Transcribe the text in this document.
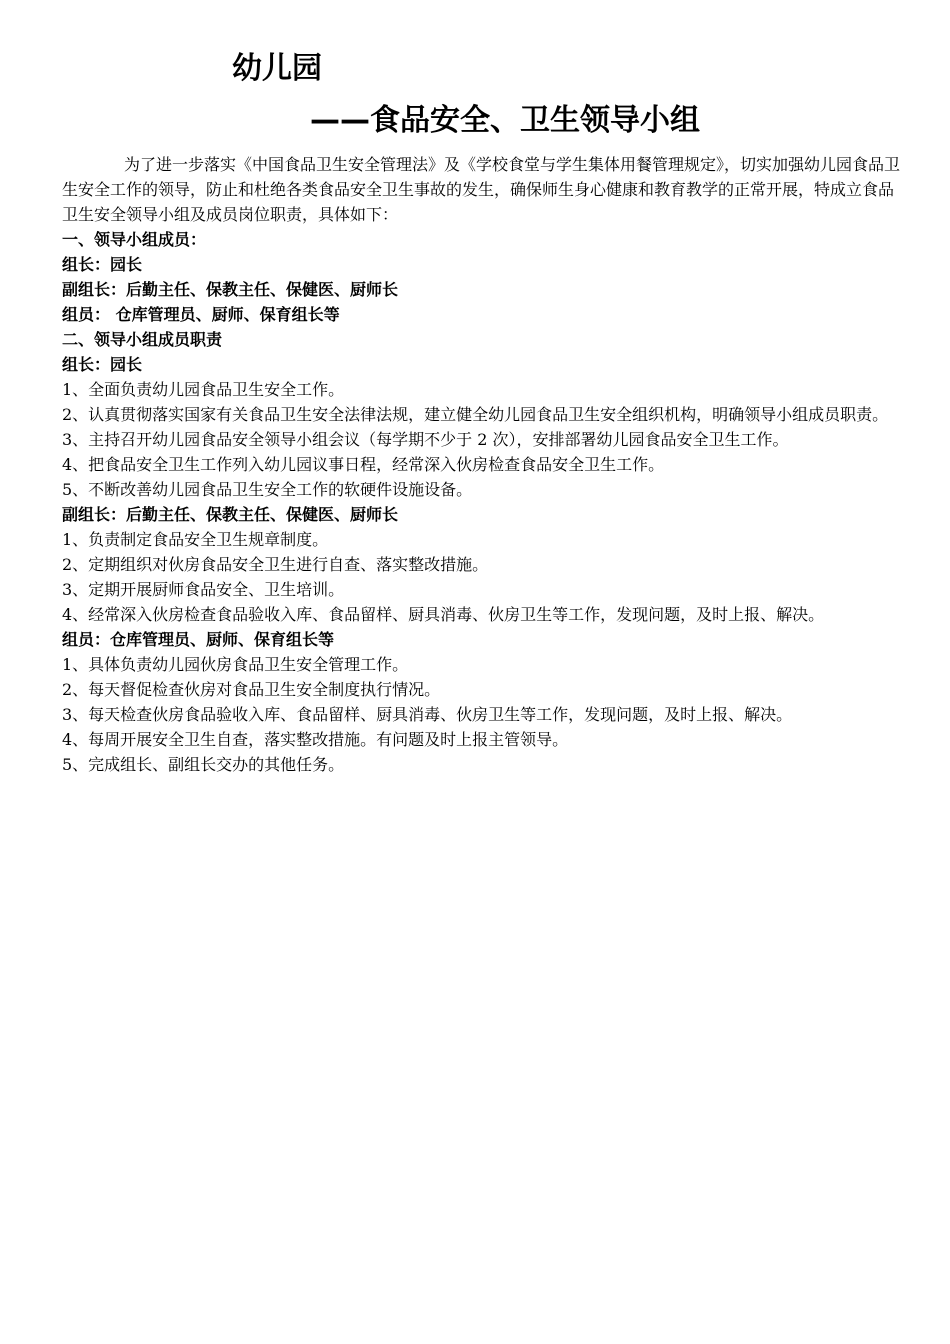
幼儿园
——食品安全、卫生领导小组

为了进一步落实《中国食品卫生安全管理法》及《学校食堂与学生集体用餐管理规定》，切实加强幼儿园食品卫生安全工作的领导，防止和杜绝各类食品安全卫生事故的发生，确保师生身心健康和教育教学的正常开展，特成立食品卫生安全领导小组及成员岗位职责，具体如下：

一、领导小组成员：

组长：园长

副组长：后勤主任、保教主任、保健医、厨师长

组员： 仓库管理员、厨师、保育组长等

二、领导小组成员职责

组长：园长

1、全面负责幼儿园食品卫生安全工作。

2、认真贯彻落实国家有关食品卫生安全法律法规，建立健全幼儿园食品卫生安全组织机构，明确领导小组成员职责。

3、主持召开幼儿园食品安全领导小组会议（每学期不少于 2 次），安排部署幼儿园食品安全卫生工作。

4、把食品安全卫生工作列入幼儿园议事日程，经常深入伙房检查食品安全卫生工作。

5、不断改善幼儿园食品卫生安全工作的软硬件设施设备。

副组长：后勤主任、保教主任、保健医、厨师长

1、负责制定食品安全卫生规章制度。

2、定期组织对伙房食品安全卫生进行自查、落实整改措施。

3、定期开展厨师食品安全、卫生培训。

4、经常深入伙房检查食品验收入库、食品留样、厨具消毒、伙房卫生等工作，发现问题，及时上报、解决。

组员：仓库管理员、厨师、保育组长等

1、具体负责幼儿园伙房食品卫生安全管理工作。

2、每天督促检查伙房对食品卫生安全制度执行情况。

3、每天检查伙房食品验收入库、食品留样、厨具消毒、伙房卫生等工作，发现问题，及时上报、解决。

4、每周开展安全卫生自查，落实整改措施。有问题及时上报主管领导。

5、完成组长、副组长交办的其他任务。
